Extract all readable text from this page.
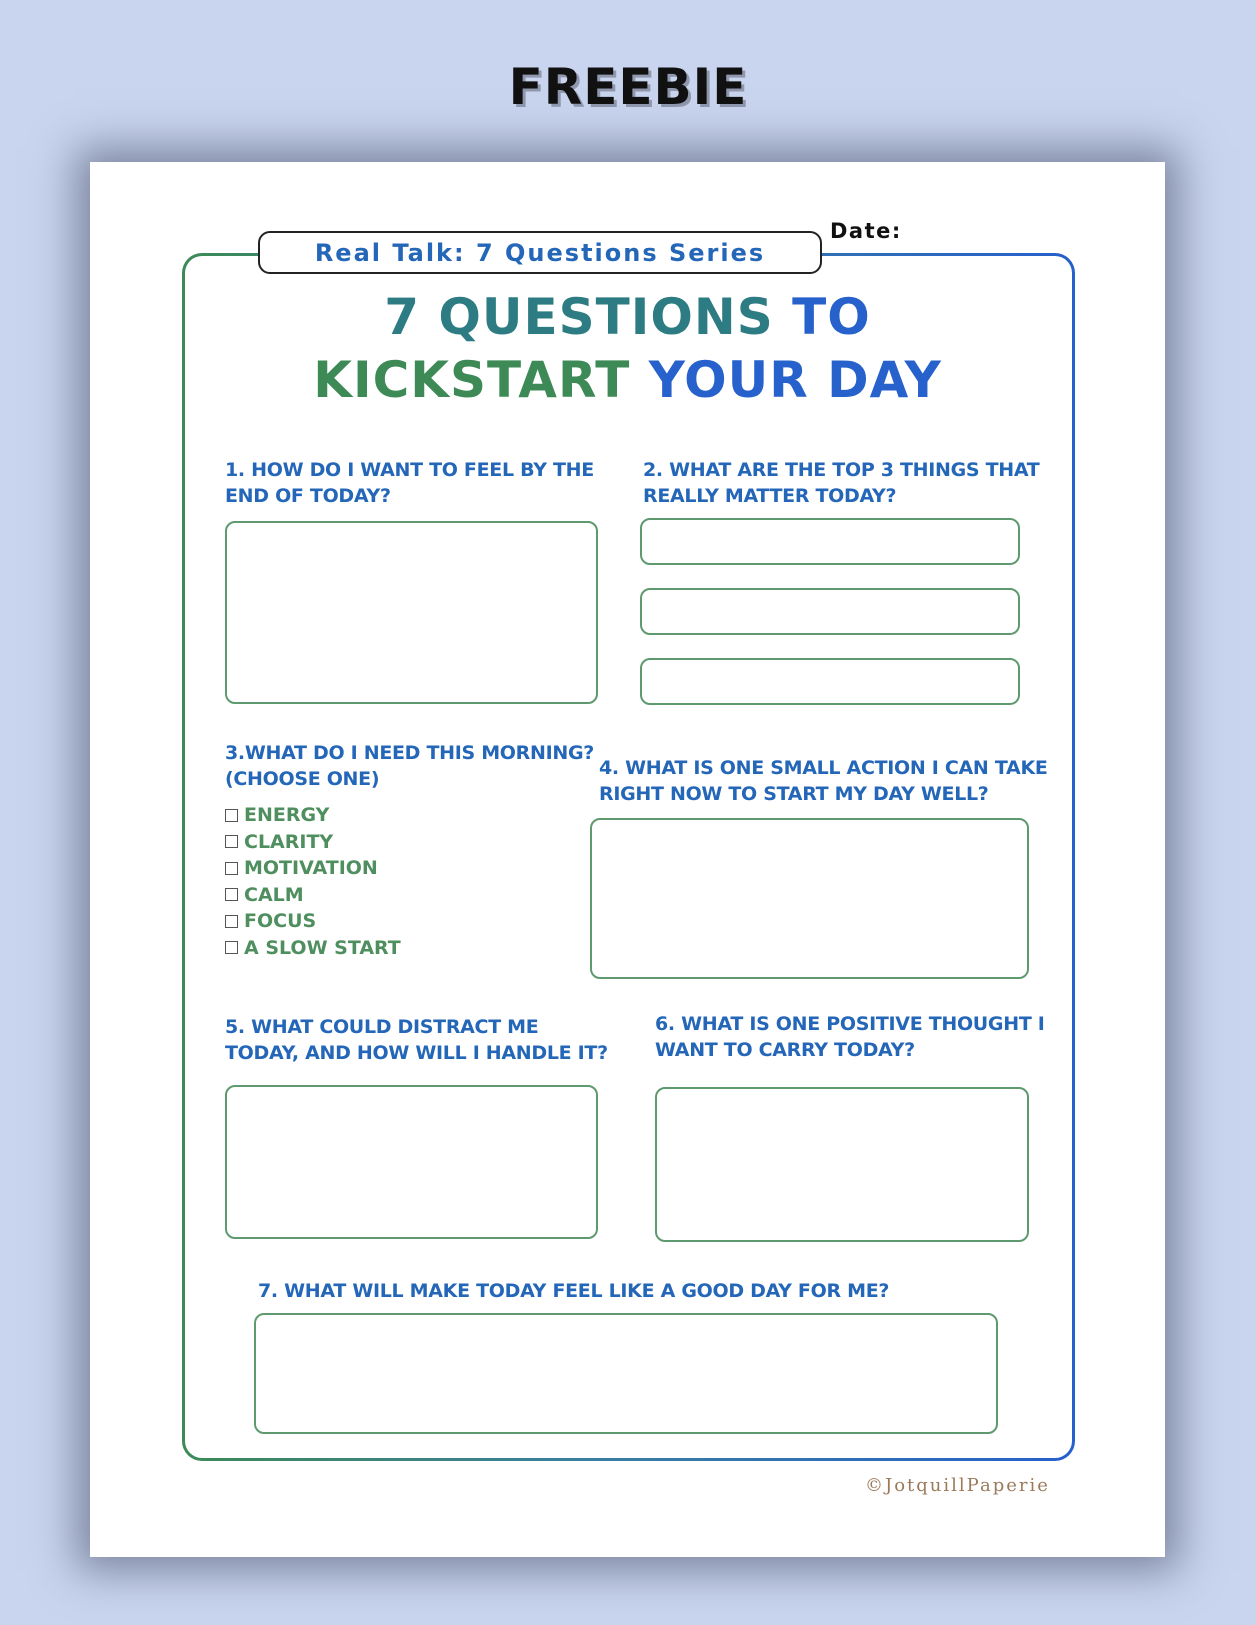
FREEBIE
Real Talk: 7 Questions Series
Date:
7 QUESTIONS TO
KICKSTART YOUR DAY
1. HOW DO I WANT TO FEEL BY THE
END OF TODAY?
2. WHAT ARE THE TOP 3 THINGS THAT
REALLY MATTER TODAY?
3.WHAT DO I NEED THIS MORNING?
(CHOOSE ONE)
ENERGY
CLARITY
MOTIVATION
CALM
FOCUS
A SLOW START
4. WHAT IS ONE SMALL ACTION I CAN TAKE
RIGHT NOW TO START MY DAY WELL?
5. WHAT COULD DISTRACT ME
TODAY, AND HOW WILL I HANDLE IT?
6. WHAT IS ONE POSITIVE THOUGHT I
WANT TO CARRY TODAY?
7. WHAT WILL MAKE TODAY FEEL LIKE A GOOD DAY FOR ME?
©JotquillPaperie
